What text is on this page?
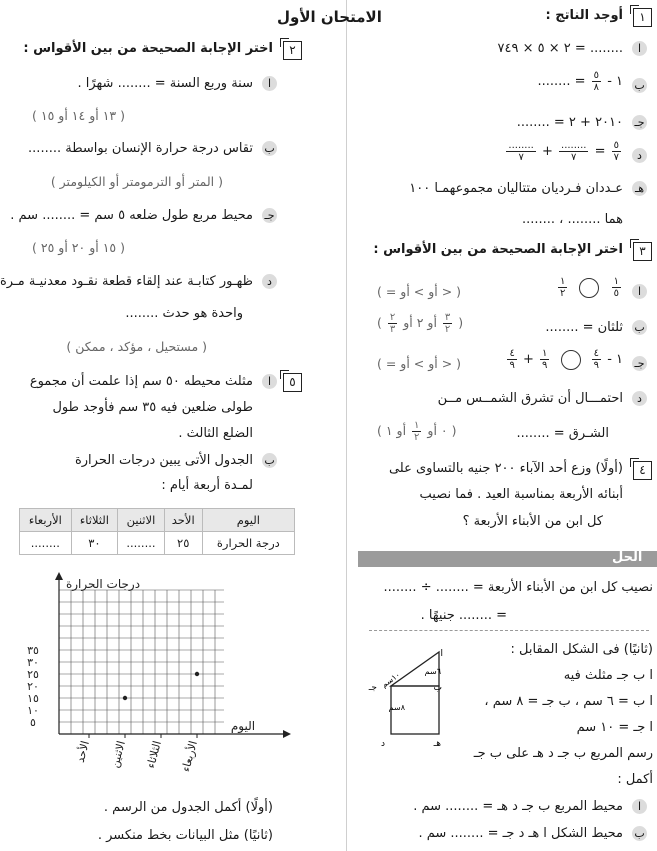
الامتحان الأول	١
أوجد الناتج :
ا
٢ × ٥ × ٧٤٩ = ........
ب
١ -
$\frac{٥}{٨}$
= ........
جـ
٢٠١٠ + ٢ = ........
د
$\frac{٥}{٧}$
=
$\frac{........}{٧}$
+
$\frac{........}{٧}$
هـ
عـددان فـرديان متتاليان مجموعهمـا ١٠٠
هما ........ ، ........
٣
اختر الإجابة الصحيحة من بين الأقواس :
ا
$\frac{١}{٥}$

$\frac{١}{٢}$
( < أو > أو = )
ب
ثلثان = ........
(
$\frac{٣}{٢}$
أو ٢ أو
$\frac{٢}{٣}$
)
جـ
١ -
$\frac{٤}{٩}$

$\frac{١}{٩}$
+
$\frac{٤}{٩}$
( < أو > أو = )
د
احتمـــال أن تشرق الشمــس مــن
الشـرق = ........
( ٠ أو
$\frac{١}{٢}$
أو ١ )
٤
(أولًا) وزع أحد الآباء ٢٠٠ جنيه بالتساوى على
أبنائه الأربعة بمناسبة العيد . فما نصيب
كل ابن من الأبناء الأربعة ؟
الحل
نصيب كل ابن من الأبناء الأربعة = ........ ÷ ........
= ........ جنيهًا .
(ثانيًا) فى الشكل المقابل :
ا ب جـ مثلث فيه
ا ب = ٦ سم ، ب جـ = ٨ سم ،
ا جـ = ١٠ سم
رسم المربع ب جـ د هـ على ب جـ
أكمل :
ا
محيط المربع ب جـ د هـ = ........ سم .
ب
محيط الشكل ا هـ د جـ = ........ سم .
ا
ب
جـ
د	هـ
٦سم
٨سم
١٠سم
٢
اختر الإجابة الصحيحة من بين الأقواس :
ا
سنة وربع السنة = ........ شهرًا .
( ١٣ أو ١٤ أو ١٥ )
ب
تقاس درجة حرارة الإنسان بواسطة ........
( المتر أو الترمومتر أو الكيلومتر )
جـ
محيط مربع طول ضلعه ٥ سم = ........ سم .
( ١٥ أو ٢٠ أو ٢٥ )
د
ظهـور كتابـة عند إلقاء قطعة نقـود معدنيـة مـرة
واحدة هو حدث ........
( مستحيل ، مؤكد ، ممكن )
٥
ا
مثلث محيطه ٥٠ سم إذا علمت أن مجموع
طولى ضلعين فيه ٣٥ سم فأوجد طول
الضلع الثالث .
ب
الجدول الأتى يبين درجات الحرارة
لمـدة أربعة أيام :
اليوم	الأحد	الاثنين	الثلاثاء	الأربعاء
درجة الحرارة	٢٥	........	٣٠	........
٥
١٠
١٥
٢٠
٢٥
٣٠
٣٥
درجات الحرارة
اليوم
الأحد الاثنين الثلاثاء الأربعاء
(أولًا) أكمل الجدول من الرسم .
(ثانيًا) مثل البيانات بخط منكسر .
